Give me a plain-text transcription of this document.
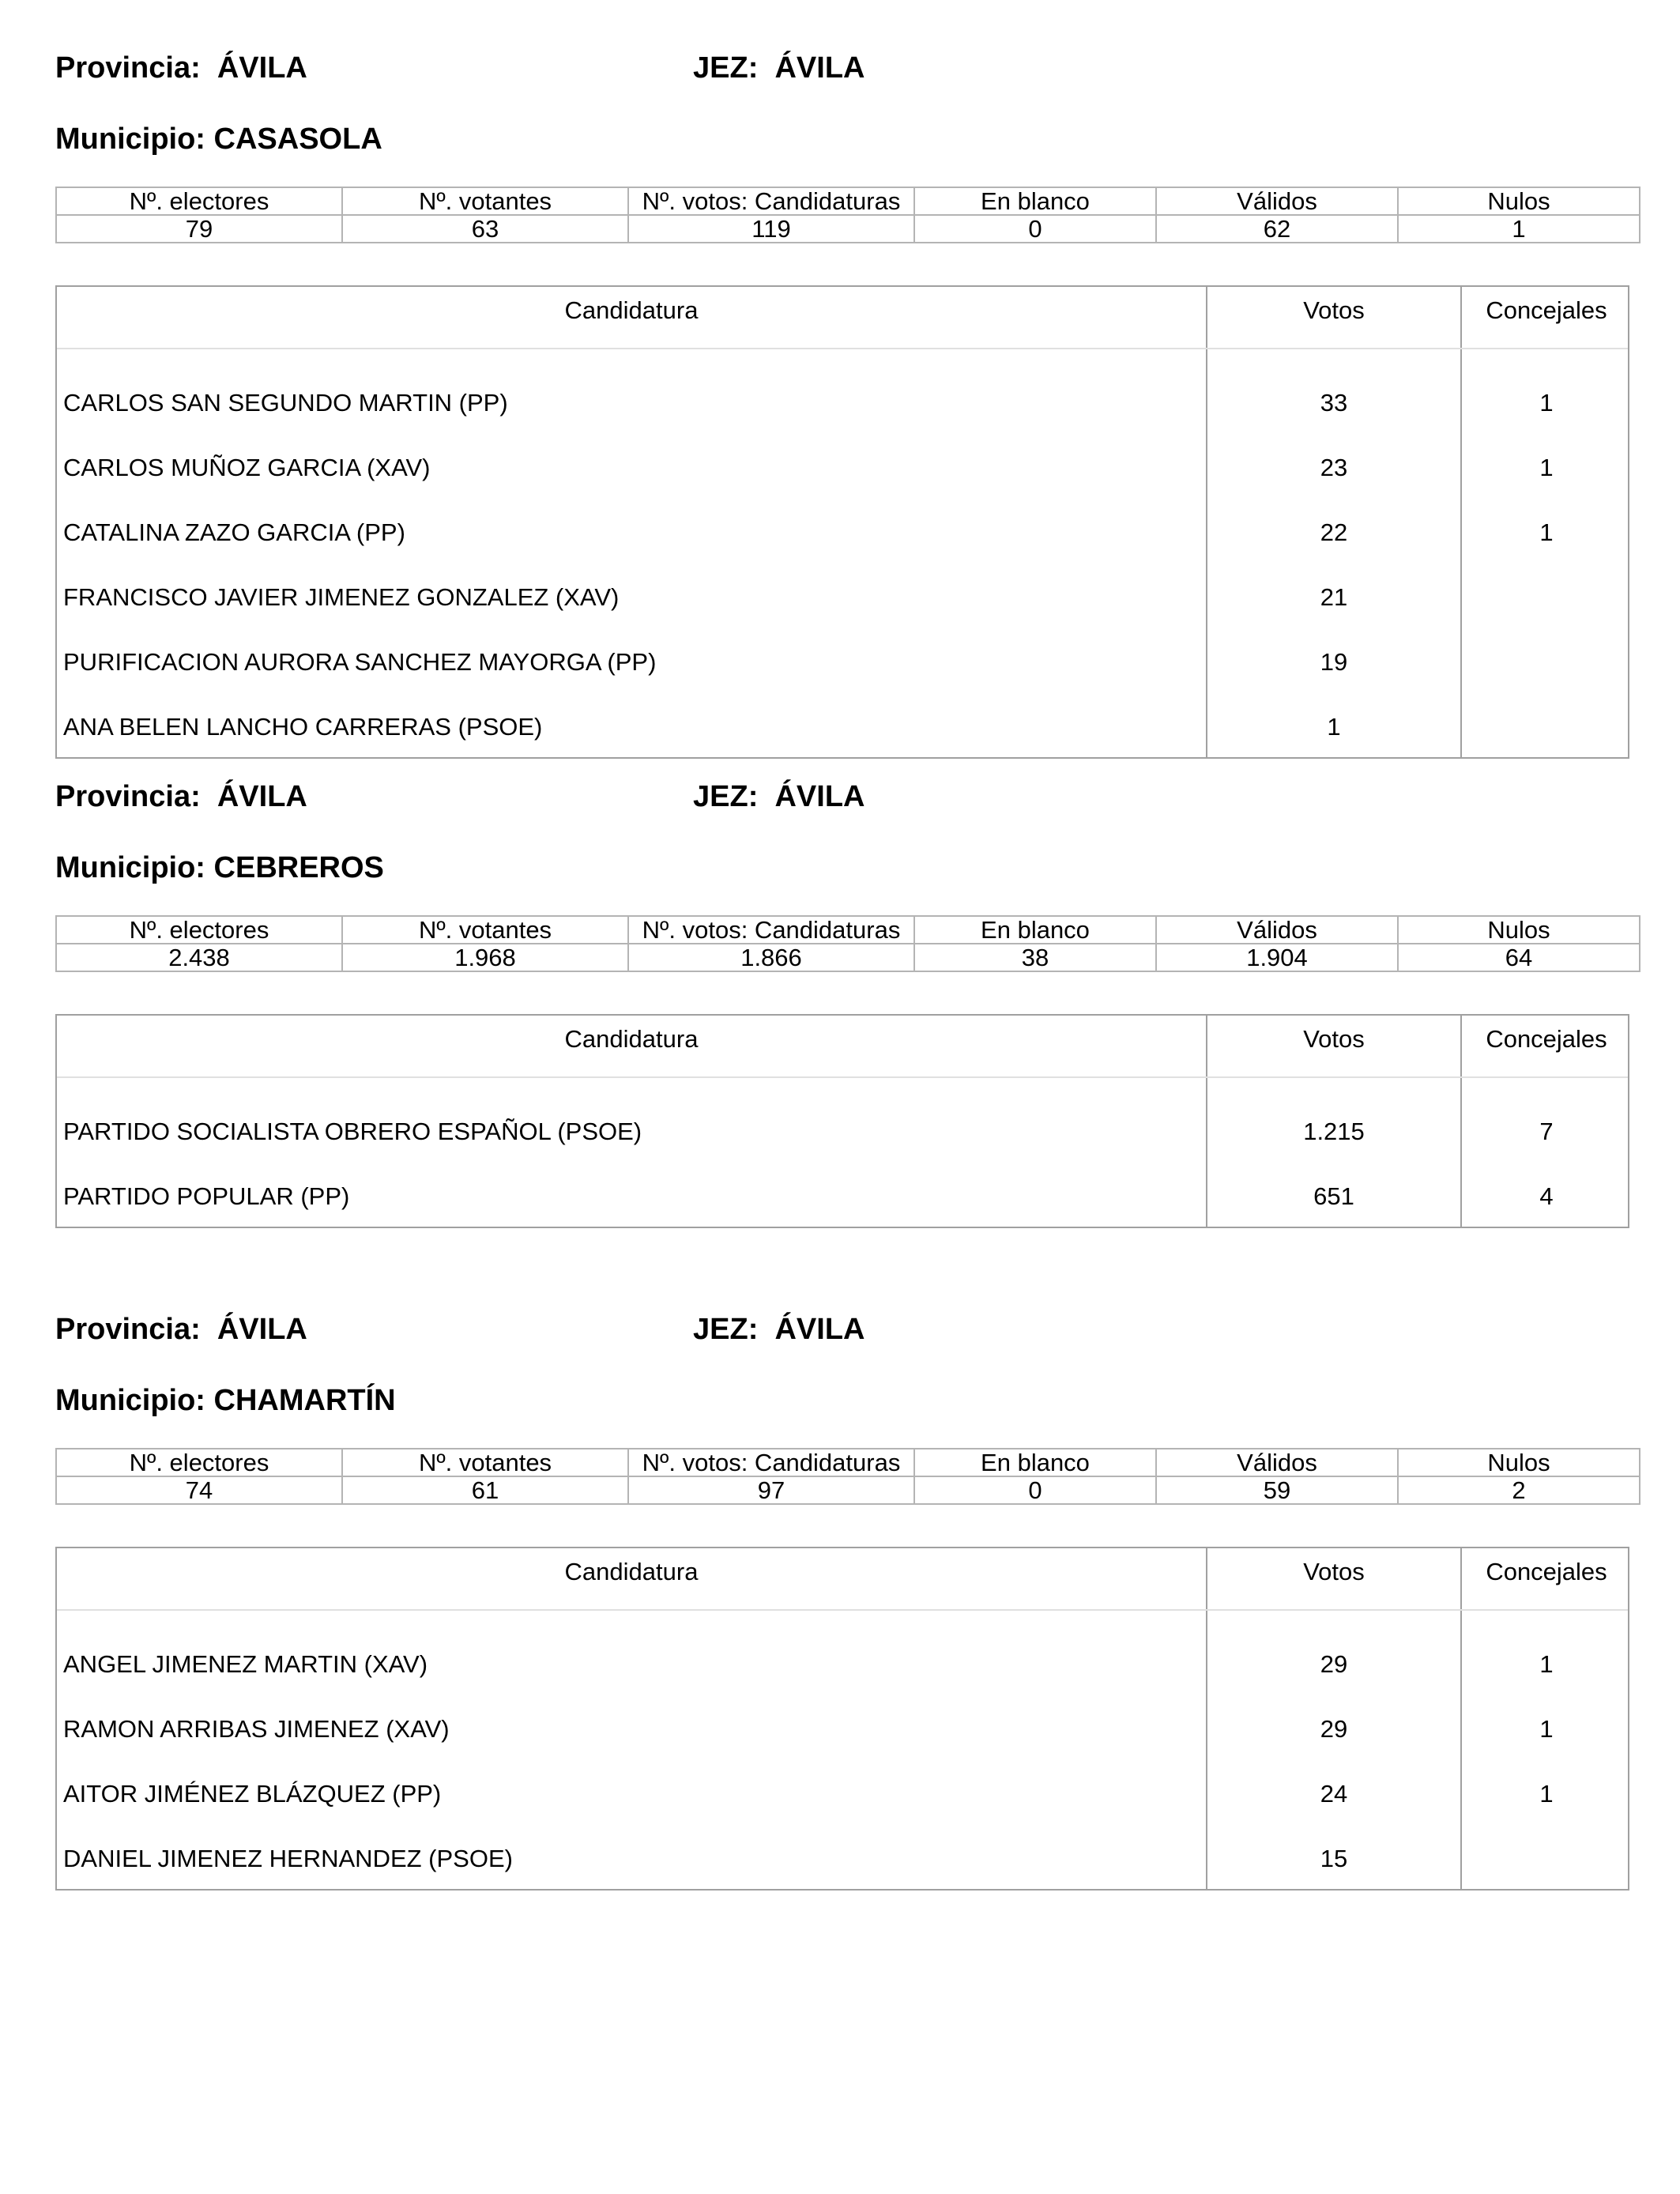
Provincia: ÁVILA	JEZ: ÁVILA
Municipio: CASASOLA
Nº. electores	Nº. votantes	Nº. votos: Candidaturas	En blanco	Válidos	Nulos
79	63	119	0	62	1
Candidatura	Votos	Concejales
CARLOS SAN SEGUNDO MARTIN (PP)	33	1
CARLOS MUÑOZ GARCIA (XAV)	23	1
CATALINA ZAZO GARCIA (PP)	22	1
FRANCISCO JAVIER JIMENEZ GONZALEZ (XAV)	21
PURIFICACION AURORA SANCHEZ MAYORGA (PP)	19
ANA BELEN LANCHO CARRERAS (PSOE)	1
Provincia: ÁVILA	JEZ: ÁVILA
Municipio: CEBREROS
Nº. electores	Nº. votantes	Nº. votos: Candidaturas	En blanco	Válidos	Nulos
2.438	1.968	1.866	38	1.904	64
Candidatura	Votos	Concejales
PARTIDO SOCIALISTA OBRERO ESPAÑOL (PSOE)	1.215	7
PARTIDO POPULAR (PP)	651	4
Provincia: ÁVILA	JEZ: ÁVILA
Municipio: CHAMARTÍN
Nº. electores	Nº. votantes	Nº. votos: Candidaturas	En blanco	Válidos	Nulos
74	61	97	0	59	2
Candidatura	Votos	Concejales
ANGEL JIMENEZ MARTIN (XAV)	29	1
RAMON ARRIBAS JIMENEZ (XAV)	29	1
AITOR JIMÉNEZ BLÁZQUEZ (PP)	24	1
DANIEL JIMENEZ HERNANDEZ (PSOE)	15
